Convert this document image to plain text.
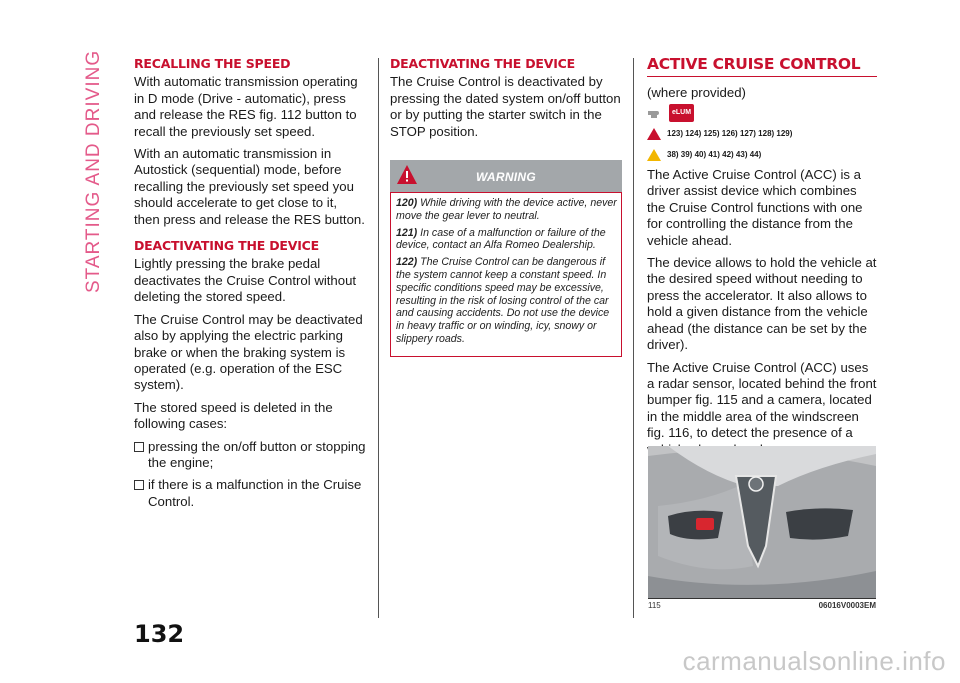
STARTING AND DRIVING RECALLING THE SPEED

With automatic transmission operating in D mode (Drive - automatic), press and release the RES fig. 112 button to recall the previously set speed.

With an automatic transmission in Autostick (sequential) mode, before recalling the previously set speed you should accelerate to get close to it, then press and release the RES button.

DEACTIVATING THE DEVICE

Lightly pressing the brake pedal deactivates the Cruise Control without deleting the stored speed.

The Cruise Control may be deactivated also by applying the electric parking brake or when the braking system is operated (e.g. operation of the ESC system).

The stored speed is deleted in the following cases:

pressing the on/off button or stopping the engine;
if there is a malfunction in the Cruise Control.
DEACTIVATING THE DEVICE

The Cruise Control is deactivated by pressing the dated system on/off button or by putting the starter switch in the STOP position.

WARNING

120) While driving with the device active, never move the gear lever to neutral.

121) In case of a malfunction or failure of the device, contact an Alfa Romeo Dealership.

122) The Cruise Control can be dangerous if the system cannot keep a constant speed. In specific conditions speed may be excessive, resulting in the risk of losing control of the car and causing accidents. Do not use the device in heavy traffic or on winding, icy, snowy or slippery roads.

ACTIVE CRUISE CONTROL

(where provided)

eLUM
123) 124) 125) 126) 127) 128) 129)
38) 39) 40) 41) 42) 43) 44)

The Active Cruise Control (ACC) is a driver assist device which combines the Cruise Control functions with one for controlling the distance from the vehicle ahead.

The device allows to hold the vehicle at the desired speed without needing to press the accelerator. It also allows to hold a given distance from the vehicle ahead (the distance can be set by the driver).

The Active Cruise Control (ACC) uses a radar sensor, located behind the front bumper fig. 115 and a camera, located in the middle area of the windscreen fig. 116, to detect the presence of a

115	06016V0003EM
132
carmanualsonline.info
